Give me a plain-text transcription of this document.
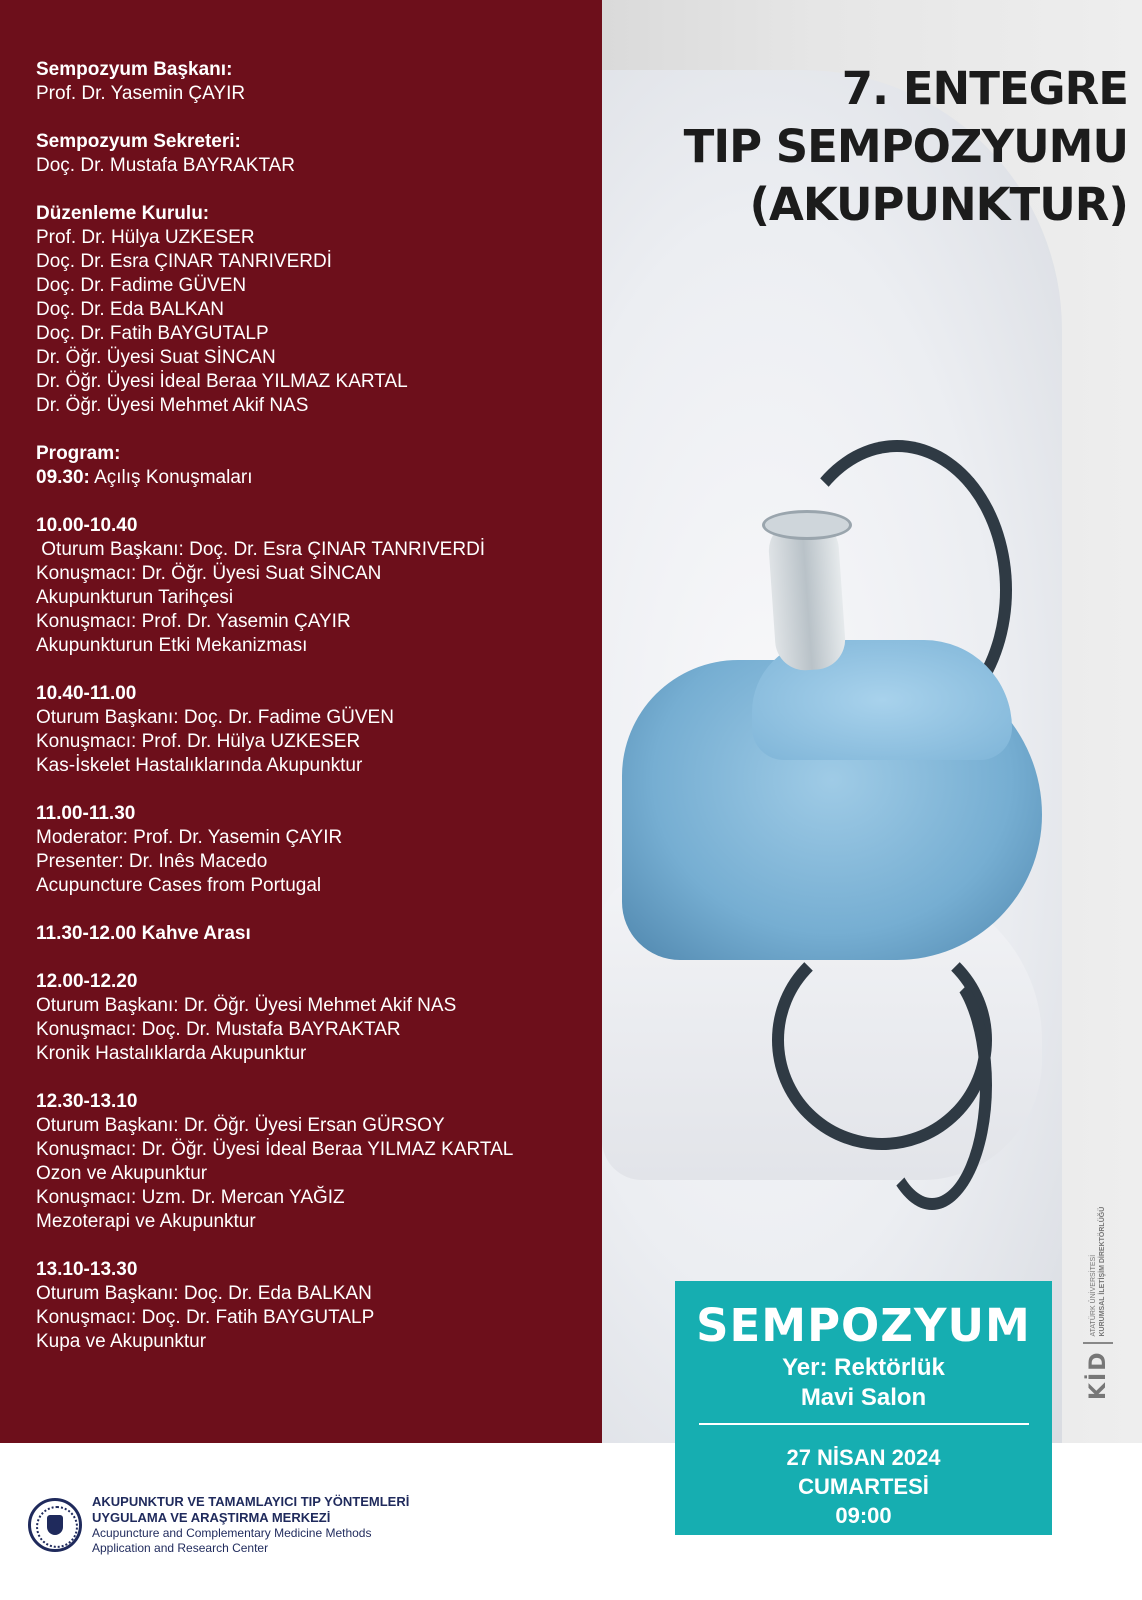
Sempozyum Başkanı:
Prof. Dr. Yasemin ÇAYIR
Sempozyum Sekreteri:
Doç. Dr. Mustafa BAYRAKTAR
Düzenleme Kurulu:
Prof. Dr. Hülya UZKESER
Doç. Dr. Esra ÇINAR TANRIVERDİ
Doç. Dr. Fadime GÜVEN
Doç. Dr. Eda BALKAN
Doç. Dr. Fatih BAYGUTALP
Dr. Öğr. Üyesi Suat SİNCAN
Dr. Öğr. Üyesi İdeal Beraa YILMAZ KARTAL
Dr. Öğr. Üyesi Mehmet Akif NAS
Program:
09.30: Açılış Konuşmaları
10.00-10.40
Oturum Başkanı: Doç. Dr. Esra ÇINAR TANRIVERDİ
Konuşmacı: Dr. Öğr. Üyesi Suat SİNCAN
Akupunkturun Tarihçesi
Konuşmacı: Prof. Dr. Yasemin ÇAYIR
Akupunkturun Etki Mekanizması
10.40-11.00
Oturum Başkanı: Doç. Dr. Fadime GÜVEN
Konuşmacı: Prof. Dr. Hülya UZKESER
Kas-İskelet Hastalıklarında Akupunktur
11.00-11.30
Moderator: Prof. Dr. Yasemin ÇAYIR
Presenter: Dr. Inês Macedo
Acupuncture Cases from Portugal
11.30-12.00 Kahve Arası
12.00-12.20
Oturum Başkanı: Dr. Öğr. Üyesi Mehmet Akif NAS
Konuşmacı: Doç. Dr. Mustafa BAYRAKTAR
Kronik Hastalıklarda Akupunktur
12.30-13.10
Oturum Başkanı: Dr. Öğr. Üyesi Ersan GÜRSOY
Konuşmacı: Dr. Öğr. Üyesi İdeal Beraa YILMAZ KARTAL
Ozon ve Akupunktur
Konuşmacı: Uzm. Dr. Mercan YAĞIZ
Mezoterapi ve Akupunktur
13.10-13.30
Oturum Başkanı: Doç. Dr. Eda BALKAN
Konuşmacı: Doç. Dr. Fatih BAYGUTALP
Kupa ve Akupunktur
7. ENTEGRE
TIP SEMPOZYUMU
(AKUPUNKTUR)
KİD
ATATÜRK ÜNİVERSİTESİ KURUMSAL İLETİŞİM DİREKTÖRLÜĞÜ
SEMPOZYUM
Yer: Rektörlük
Mavi Salon
27 NİSAN 2024
CUMARTESİ
09:00
AKUPUNKTUR VE TAMAMLAYICI TIP YÖNTEMLERİ
UYGULAMA VE ARAŞTIRMA MERKEZİ
Acupuncture and Complementary Medicine Methods
Application and Research Center
